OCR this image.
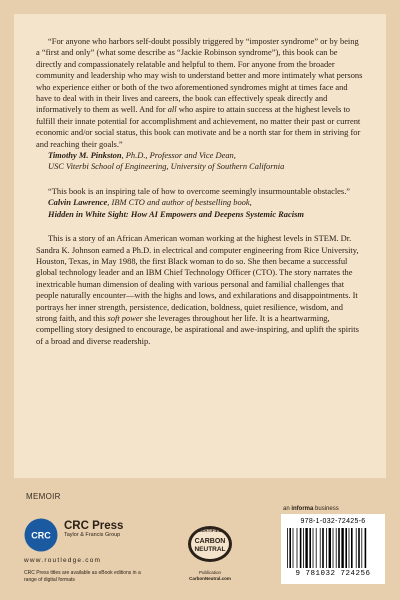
“For anyone who harbors self-doubt possibly triggered by “imposter syndrome” or by being a “first and only” (what some describe as “Jackie Robinson syndrome”), this book can be directly and compassionately relatable and helpful to them. For anyone from the broader community and leadership who may wish to understand better and more intimately what persons who experience either or both of the two aforementioned syndromes might at times face and have to deal with in their lives and careers, the book can effectively speak directly and informatively to them as well. And for all who aspire to attain success at the highest levels to fulfill their innate potential for accomplishment and achievement, no matter their past or current economic and/or social status, this book can motivate and be a north star for them in striving for and reaching their goals.”

Timothy M. Pinkston, Ph.D., Professor and Vice Dean,

USC Viterbi School of Engineering, University of Southern California

“This book is an inspiring tale of how to overcome seemingly insurmountable obstacles.”

Calvin Lawrence, IBM CTO and author of bestselling book,

Hidden in White Sight: How AI Empowers and Deepens Systemic Racism

This is a story of an African American woman working at the highest levels in STEM. Dr. Sandra K. Johnson earned a Ph.D. in electrical and computer engineering from Rice University, Houston, Texas, in May 1988, the first Black woman to do so. She then became a successful global technology leader and an IBM Chief Technology Officer (CTO). The story narrates the inextricable human dimension of dealing with various personal and familial challenges that people naturally encounter—with the highs and lows, and exhilarations and disappointments. It portrays her inner strength, persistence, dedication, boldness, quiet resilience, wisdom, and strong faith, and this soft power she leverages throughout her life. It is a heartwarming, compelling story designed to encourage, be aspirational and awe-inspiring, and uplift the spirits of a broad and diverse readership.

MEMOIR
CRC
CRC Press
Taylor & Francis Group
www.routledge.com
CRC Press titles are available as eBook editions in a range of digital formats
CERTIFIED
CARBON
NEUTRAL
Publication
CarbonNeutral.com
an informa business
978-1-032-72425-6
9 781032 724256
